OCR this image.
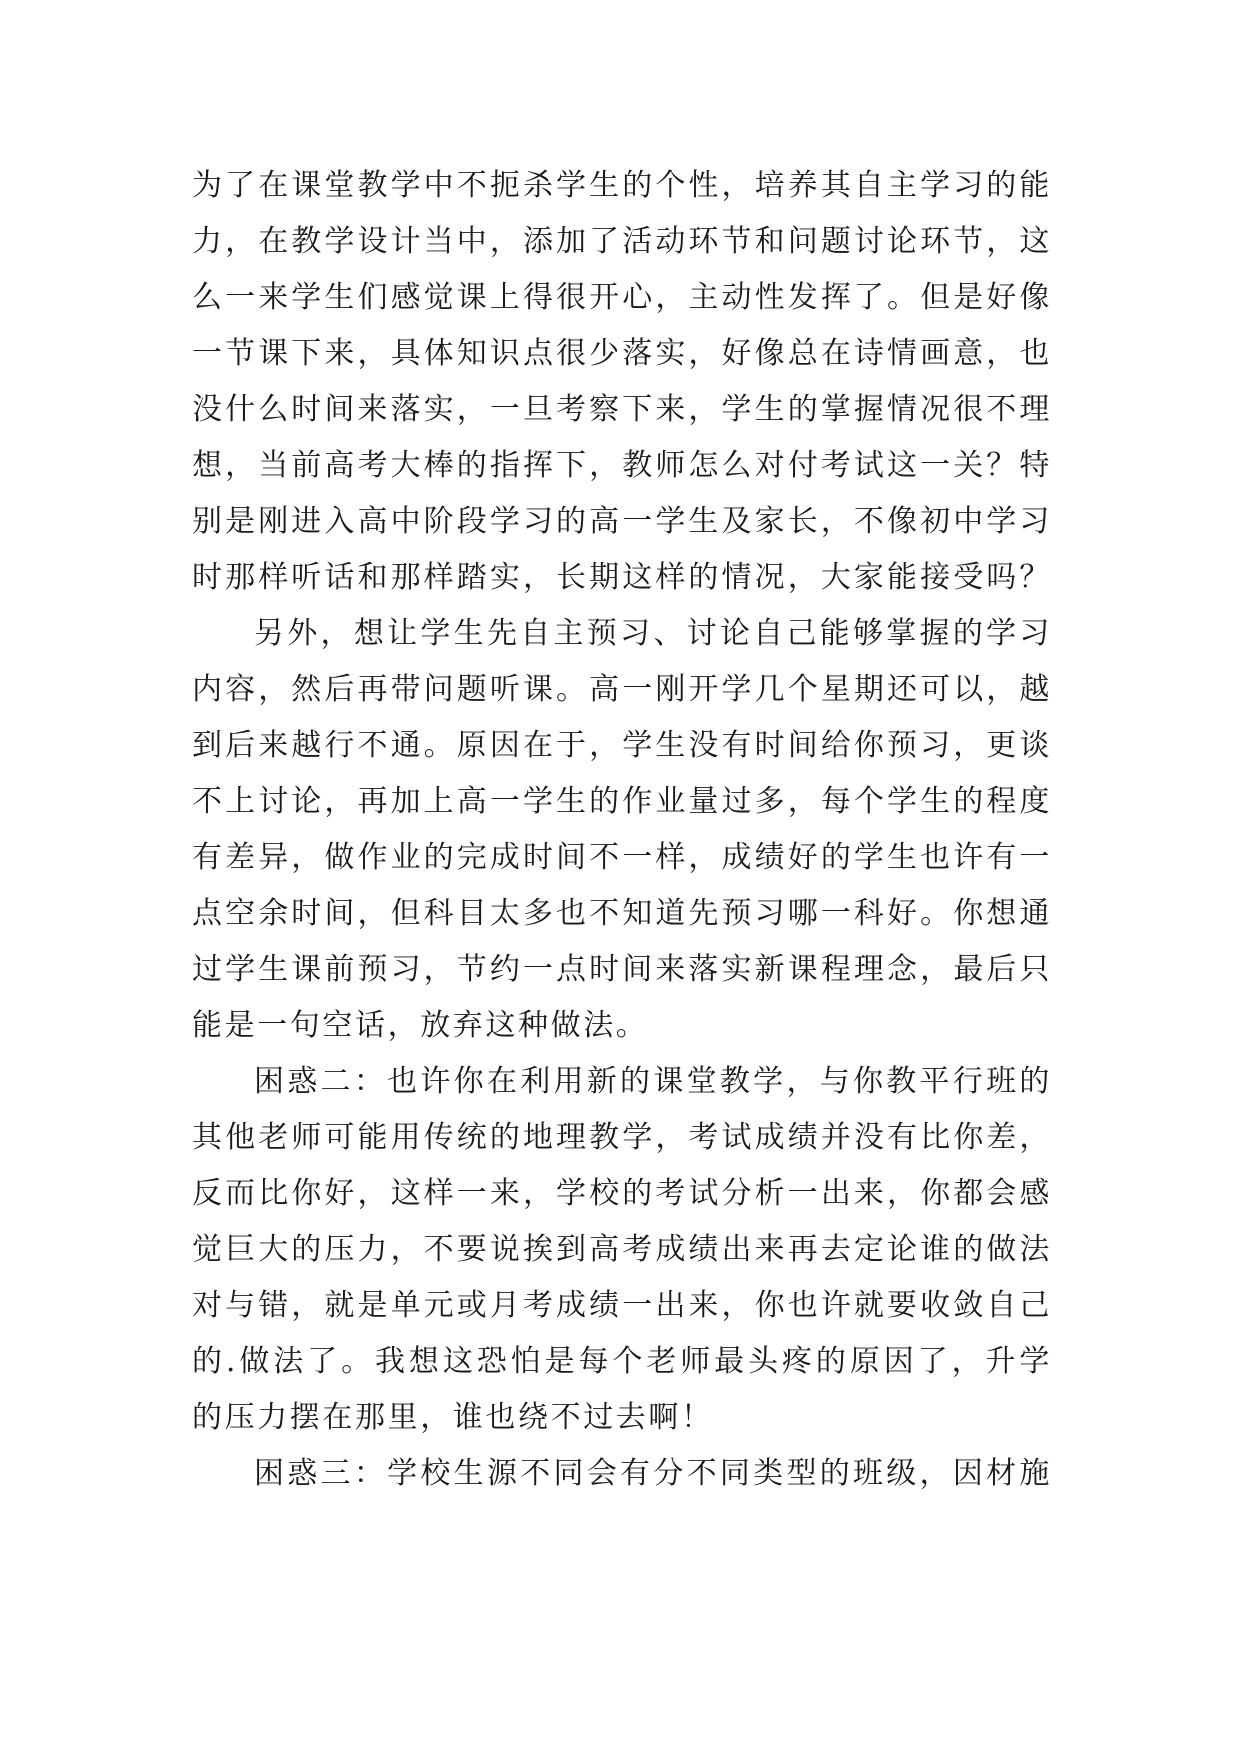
为了在课堂教学中不扼杀学生的个性，培养其自主学习的能
力，在教学设计当中，添加了活动环节和问题讨论环节，这
么一来学生们感觉课上得很开心，主动性发挥了。但是好像
一节课下来，具体知识点很少落实，好像总在诗情画意，也
没什么时间来落实，一旦考察下来，学生的掌握情况很不理
想，当前高考大棒的指挥下，教师怎么对付考试这一关？特
别是刚进入高中阶段学习的高一学生及家长，不像初中学习
时那样听话和那样踏实，长期这样的情况，大家能接受吗？
另外，想让学生先自主预习、讨论自己能够掌握的学习
内容，然后再带问题听课。高一刚开学几个星期还可以，越
到后来越行不通。原因在于，学生没有时间给你预习，更谈
不上讨论，再加上高一学生的作业量过多，每个学生的程度
有差异，做作业的完成时间不一样，成绩好的学生也许有一
点空余时间，但科目太多也不知道先预习哪一科好。你想通
过学生课前预习，节约一点时间来落实新课程理念，最后只
能是一句空话，放弃这种做法。
困惑二：也许你在利用新的课堂教学，与你教平行班的
其他老师可能用传统的地理教学，考试成绩并没有比你差，
反而比你好，这样一来，学校的考试分析一出来，你都会感
觉巨大的压力，不要说挨到高考成绩出来再去定论谁的做法
对与错，就是单元或月考成绩一出来，你也许就要收敛自己
的.做法了。我想这恐怕是每个老师最头疼的原因了，升学
的压力摆在那里，谁也绕不过去啊！
困惑三：学校生源不同会有分不同类型的班级，因材施
